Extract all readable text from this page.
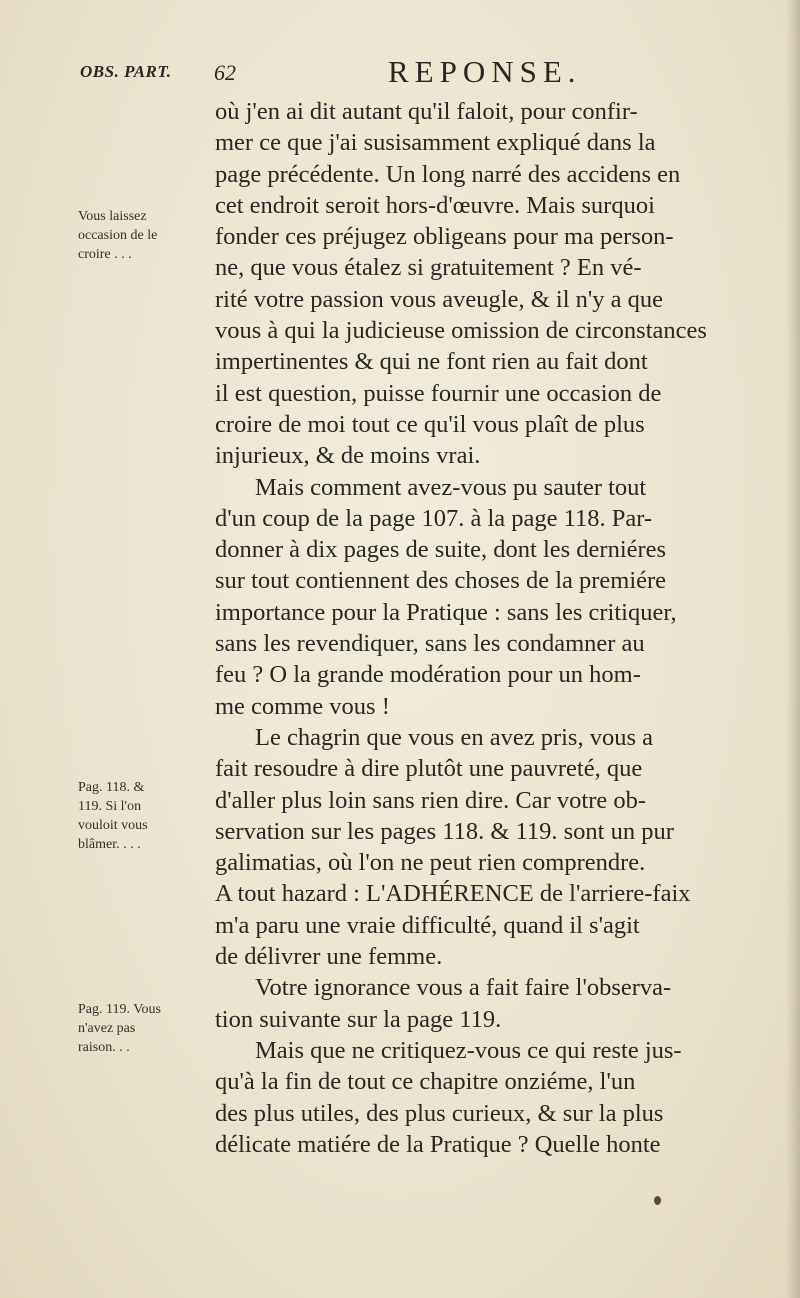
OBS. PART. 62	REPONSE.
Vous laissez
occasion de le
croire . . .
Pag. 118. &
119. Si l'on
vouloit vous
blâmer. . . .
Pag. 119. Vous
n'avez pas
raison. . .
où j'en ai dit autant qu'il faloit, pour confir-
mer ce que j'ai susisamment expliqué dans la
page précédente. Un long narré des accidens en
cet endroit seroit hors-d'œuvre. Mais surquoi
fonder ces préjugez obligeans pour ma person-
ne, que vous étalez si gratuitement ? En vé-
rité votre passion vous aveugle, & il n'y a que
vous à qui la judicieuse omission de circonstances
impertinentes & qui ne font rien au fait dont
il est question, puisse fournir une occasion de
croire de moi tout ce qu'il vous plaît de plus
injurieux, & de moins vrai.
Mais comment avez-vous pu sauter tout
d'un coup de la page 107. à la page 118. Par-
donner à dix pages de suite, dont les derniéres
sur tout contiennent des choses de la premiére
importance pour la Pratique : sans les critiquer,
sans les revendiquer, sans les condamner au
feu ? O la grande modération pour un hom-
me comme vous !
Le chagrin que vous en avez pris, vous a
fait resoudre à dire plutôt une pauvreté, que
d'aller plus loin sans rien dire. Car votre ob-
servation sur les pages 118. & 119. sont un pur
galimatias, où l'on ne peut rien comprendre.
A tout hazard : L'ADHÉRENCE de l'arriere-faix
m'a paru une vraie difficulté, quand il s'agit
de délivrer une femme.
Votre ignorance vous a fait faire l'observa-
tion suivante sur la page 119.
Mais que ne critiquez-vous ce qui reste jus-
qu'à la fin de tout ce chapitre onziéme, l'un
des plus utiles, des plus curieux, & sur la plus
délicate matiére de la Pratique ? Quelle honte
